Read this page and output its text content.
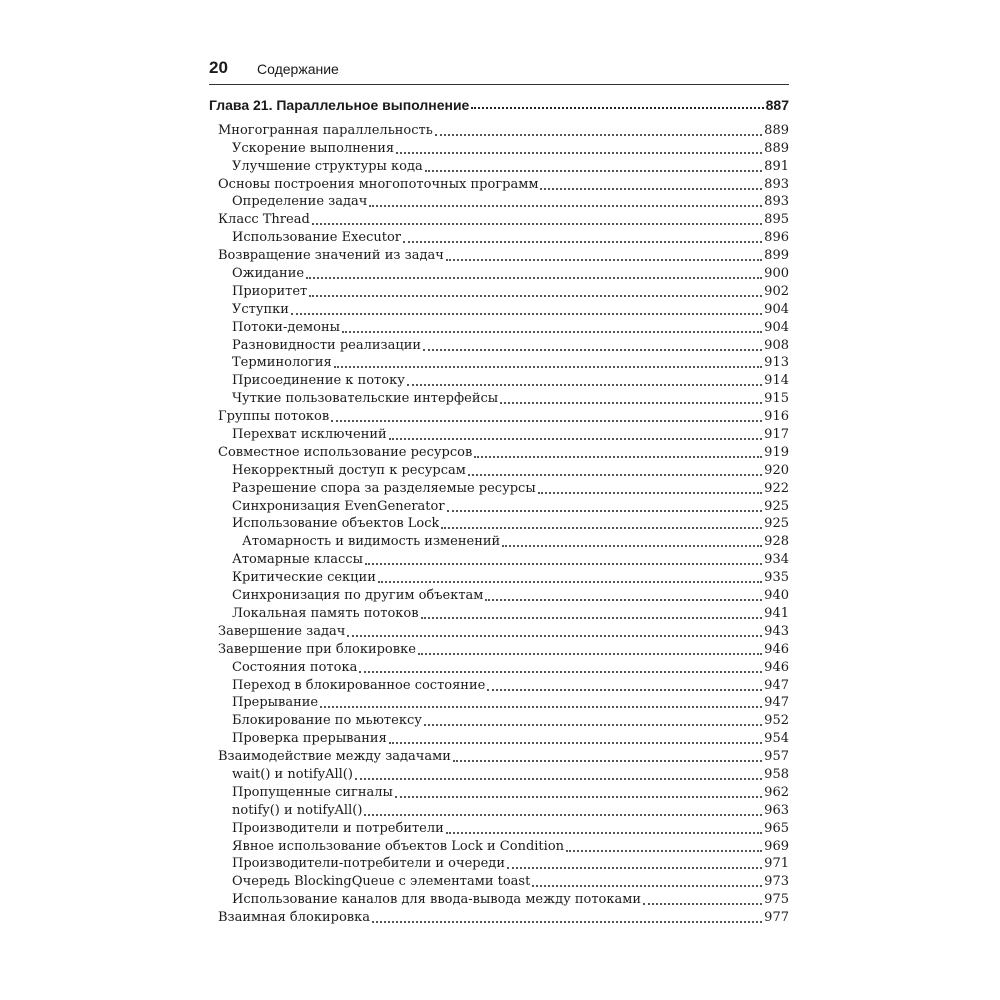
20 Содержание
Глава 21. Параллельное выполнение	887
Многогранная параллельность	889
Ускорение выполнения	889
Улучшение структуры кода	891
Основы построения многопоточных программ	893
Определение задач	893
Класс Thread	895
Использование Executor	896
Возвращение значений из задач	899
Ожидание	900
Приоритет	902
Уступки	904
Потоки-демоны	904
Разновидности реализации	908
Терминология	913
Присоединение к потоку	914
Чуткие пользовательские интерфейсы	915
Группы потоков	916
Перехват исключений	917
Совместное использование ресурсов	919
Некорректный доступ к ресурсам	920
Разрешение спора за разделяемые ресурсы	922
Синхронизация EvenGenerator	925
Использование объектов Lock	925
Атомарность и видимость изменений	928
Атомарные классы	934
Критические секции	935
Синхронизация по другим объектам	940
Локальная память потоков	941
Завершение задач	943
Завершение при блокировке	946
Состояния потока	946
Переход в блокированное состояние	947
Прерывание	947
Блокирование по мьютексу	952
Проверка прерывания	954
Взаимодействие между задачами	957
wait() и notifyAll()	958
Пропущенные сигналы	962
notify() и notifyAll()	963
Производители и потребители	965
Явное использование объектов Lock и Condition	969
Производители-потребители и очереди	971
Очередь BlockingQueue с элементами toast	973
Использование каналов для ввода-вывода между потоками	975
Взаимная блокировка	977
